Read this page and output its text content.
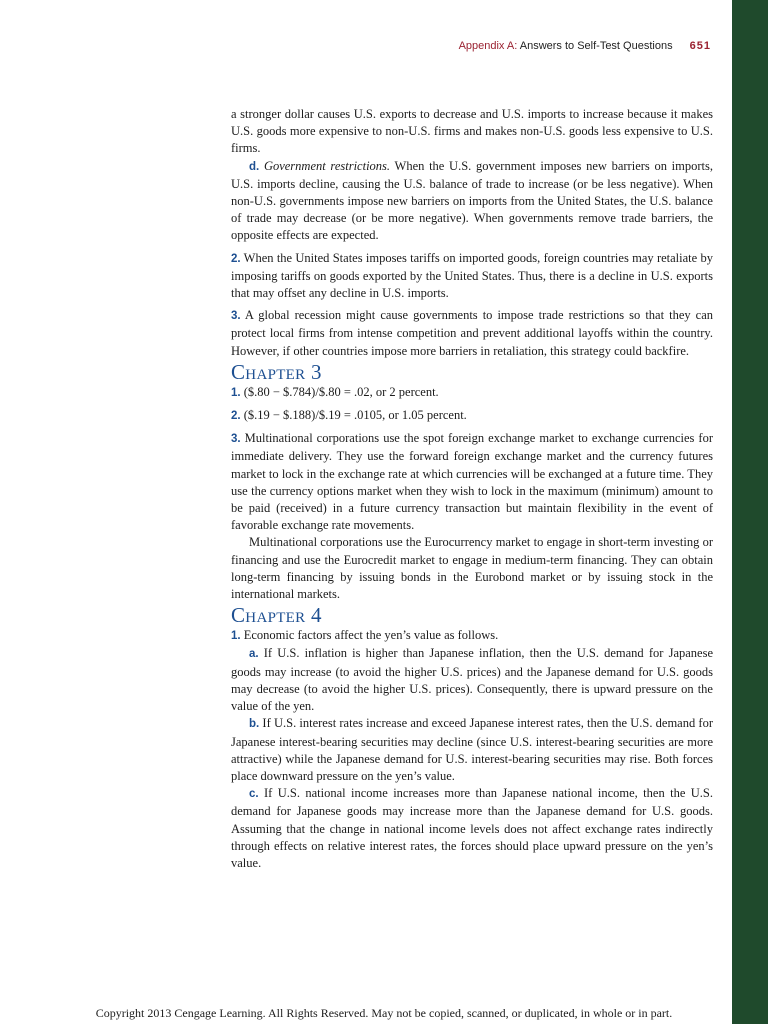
Appendix A: Answers to Self-Test Questions 651

a stronger dollar causes U.S. exports to decrease and U.S. imports to increase because it makes U.S. goods more expensive to non-U.S. firms and makes non-U.S. goods less expensive to U.S. firms.

d. Government restrictions. When the U.S. government imposes new barriers on imports, U.S. imports decline, causing the U.S. balance of trade to increase (or be less negative). When non-U.S. governments impose new barriers on imports from the United States, the U.S. balance of trade may decrease (or be more negative). When governments remove trade barriers, the opposite effects are expected.

2. When the United States imposes tariffs on imported goods, foreign countries may retaliate by imposing tariffs on goods exported by the United States. Thus, there is a decline in U.S. exports that may offset any decline in U.S. imports.

3. A global recession might cause governments to impose trade restrictions so that they can protect local firms from intense competition and prevent additional layoffs within the country. However, if other countries impose more barriers in retaliation, this strategy could backfire.

Chapter 3

1. ($.80 − $.784)/$.80 = .02, or 2 percent.

2. ($.19 − $.188)/$.19 = .0105, or 1.05 percent.

3. Multinational corporations use the spot foreign exchange market to exchange currencies for immediate delivery. They use the forward foreign exchange market and the currency futures market to lock in the exchange rate at which currencies will be exchanged at a future time. They use the currency options market when they wish to lock in the maximum (minimum) amount to be paid (received) in a future currency transaction but maintain flexibility in the event of favorable exchange rate movements.

Multinational corporations use the Eurocurrency market to engage in short-term investing or financing and use the Eurocredit market to engage in medium-term financing. They can obtain long-term financing by issuing bonds in the Eurobond market or by issuing stock in the international markets.

Chapter 4

1. Economic factors affect the yen’s value as follows.

a. If U.S. inflation is higher than Japanese inflation, then the U.S. demand for Japanese goods may increase (to avoid the higher U.S. prices) and the Japanese demand for U.S. goods may decrease (to avoid the higher U.S. prices). Consequently, there is upward pressure on the value of the yen.

b. If U.S. interest rates increase and exceed Japanese interest rates, then the U.S. demand for Japanese interest-bearing securities may decline (since U.S. interest-bearing securities are more attractive) while the Japanese demand for U.S. interest-bearing securities may rise. Both forces place downward pressure on the yen’s value.

c. If U.S. national income increases more than Japanese national income, then the U.S. demand for Japanese goods may increase more than the Japanese demand for U.S. goods. Assuming that the change in national income levels does not affect exchange rates indirectly through effects on relative interest rates, the forces should place upward pressure on the yen’s value.

Copyright 2013 Cengage Learning. All Rights Reserved. May not be copied, scanned, or duplicated, in whole or in part.
